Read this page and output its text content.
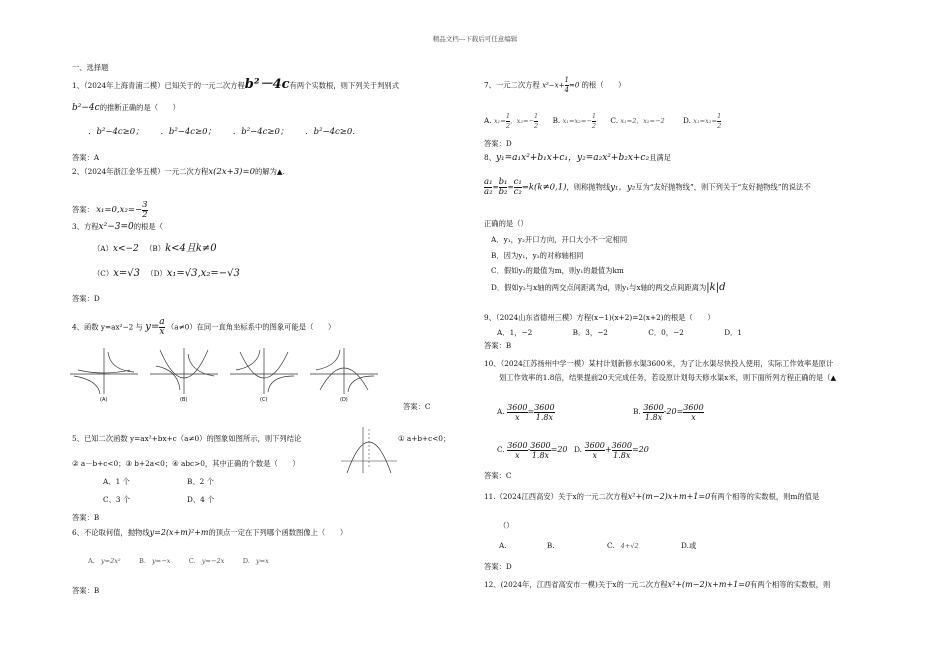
精品文档---下载后可任意编辑
一、选择题
1、（2024年上海青浦二模）已知关于的一元二次方程b²－4c有两个实数根，则下列关于判别式
b²−4c的推断正确的是（　　）
．b²−4c≥0； ．b²−4c≥0； ．b²−4c≥0； ．b²−4c≥0．
答案：A
2、（2024年浙江金华五模）一元二次方程x(2x+3)=0的解为▲.
答案： $x_1=0,x_2=- \frac{3}{2}$
3、方程x²−3=0的根是（
（A）x<−2 （B）k<4且k≠0
（C）x=√3 （D）x₁=√3,x₂=−√3
答案：D
4、函数 y=ax²−2 与 $y= \frac{a}{x} (a\ne 0)$在同一直角坐标系中的图象可能是（　　）
(A)	(B)	(C)	(D)
答案：C
5、已知二次函数 y=ax²+bx+c（a≠0）的图象如图所示，则下列结论	① a+b+c<0；
② a－b+c<0；③ b+2a<0；④ abc>0，其中正确的个数是（　　）
A、1 个	B、2 个
C、3 个	D、4 个
答案：B
6、不论取何值，抛物线y=2(x+m)²+m的顶点一定在下列哪个函数图像上（　　）
A. y=2x²	B. y=−x	C. y=−2x	D. y=x
答案：B
7、一元二次方程 $x^2-x+ \frac{1}{4} =0$ 的根（　　）
A. $x_1= \frac{1}{2}$ ，$x_2=- \frac{1}{2} B$. $x_1=x_2=- \frac{1}{2} C$. x₁=2，x₂=−2	D. $x_1=x_2= \frac{1}{2}$
答案：D
8、y₁=a₁x²+b₁x+c₁，y₂=a₂x²+b₂x+c₂且满足
$\frac{\text{a₁}}{\text{a₂}} = \frac{\text{b₁}}{\text{b₂}} = \frac{\text{c₁}}{\text{c₂}} =k(k\ne 0,1)$，则称抛物线y₁，y₂互为“友好抛物线”，则下列关于“友好抛物线”的说法不
正确的是（）
A．y₁，y₂开口方向，开口大小不一定相同
B．因为y₁，y₂的对称轴相同
C．假如y₂的最值为m，则y₁的最值为km
D．假如y₂与x轴的两交点间距离为d，则y₁与x轴的两交点间距离为|k|d
9、（2024山东省德州三模）方程(x−1)(x+2)=2(x+2)的根是（　　）
A．1，−2	B．3，−2	C．0，−2	D．1
答案：B
10、（2024江苏扬州中学一模）某村计划新修水渠3600米，为了让水渠尽快投入使用，实际工作效率是原计
划工作效率的1.8倍，结果提前20天完成任务，若设原计划每天修水渠x米，则下面所列方程正确的是（▲
A. $\frac{3600}{x} = \frac{3600}{1.8x}$	B. $\frac{3600}{1.8x} -20= \frac{3600}{x}$
C. $\frac{3600}{x} - \frac{3600}{1.8x} =20$ D. $\frac{3600}{x} + \frac{3600}{1.8x} =20$
答案：C
11.（2024江西高安）关于x的一元二次方程x²+(m−2)x+m+1=0有两个相等的实数根，则m的值是
（）
A.	B.	C. 4+√2	D.或
答案：D
12、(2024年，江西省高安市一模)关于x的一元二次方程x²+(m−2)x+m+1=0有两个相等的实数根，则
